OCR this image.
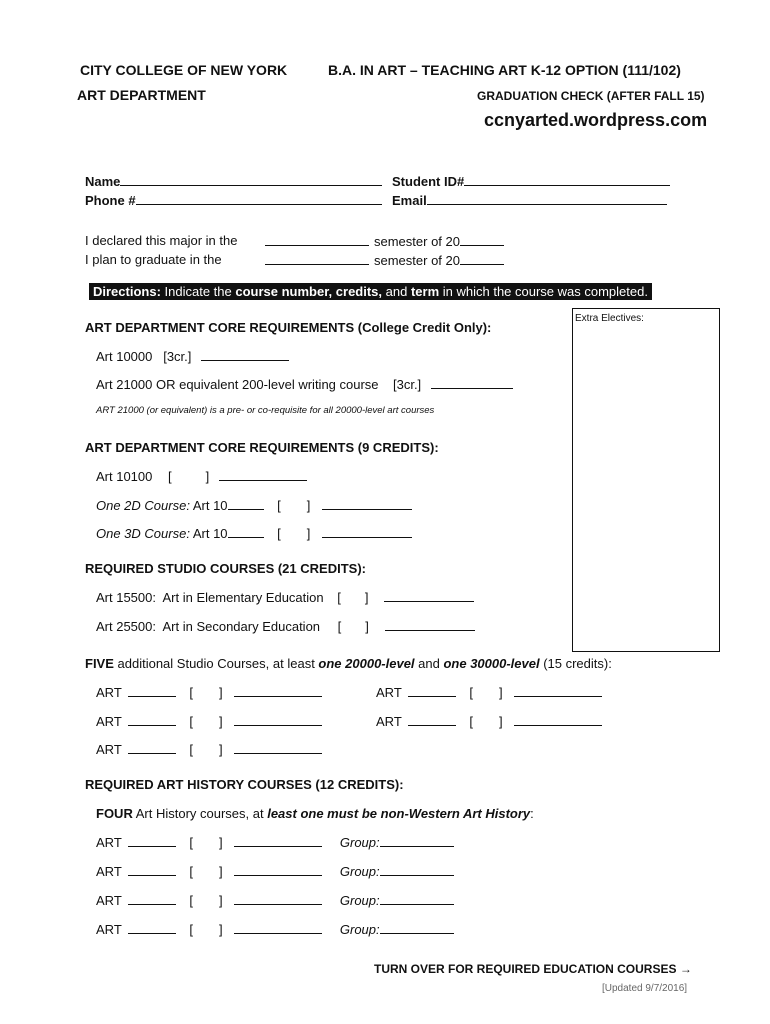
CITY COLLEGE OF NEW YORK
ART DEPARTMENT
B.A. IN ART – TEACHING ART K-12 OPTION (111/102)
GRADUATION CHECK (AFTER FALL 15)
ccnyarted.wordpress.com
Name	Student ID#
Phone #	Email
I declared this major in the	semester of 20
I plan to graduate in the	semester of 20
Directions: Indicate the course number, credits, and term in which the course was completed.
Extra Electives:
ART DEPARTMENT CORE REQUIREMENTS (College Credit Only):
Art 10000   [3cr.]
Art 21000 OR equivalent 200-level writing course    [3cr.]
ART 21000 (or equivalent) is a pre- or co-requisite for all 20000-level art courses
ART DEPARTMENT CORE REQUIREMENTS (9 CREDITS):
Art 10100 [	]
One 2D Course: Art 10	[ ]
One 3D Course: Art 10	[ ]
REQUIRED STUDIO COURSES (21 CREDITS):
Art 15500:  Art in Elementary Education [ ]
Art 25500:  Art in Secondary Education [ ]
FIVE additional Studio Courses, at least one 20000-level and one 30000-level (15 credits):
ART	[ ]	ART	[ ]
ART	[ ]	ART	[ ]
ART	[ ]
REQUIRED ART HISTORY COURSES (12 CREDITS):
FOUR Art History courses, at least one must be non-Western Art History:
ART	[ ]	Group:
ART	[ ]	Group:
ART	[ ]	Group:
ART	[ ]	Group:
TURN OVER FOR REQUIRED EDUCATION COURSES →
[Updated 9/7/2016]
